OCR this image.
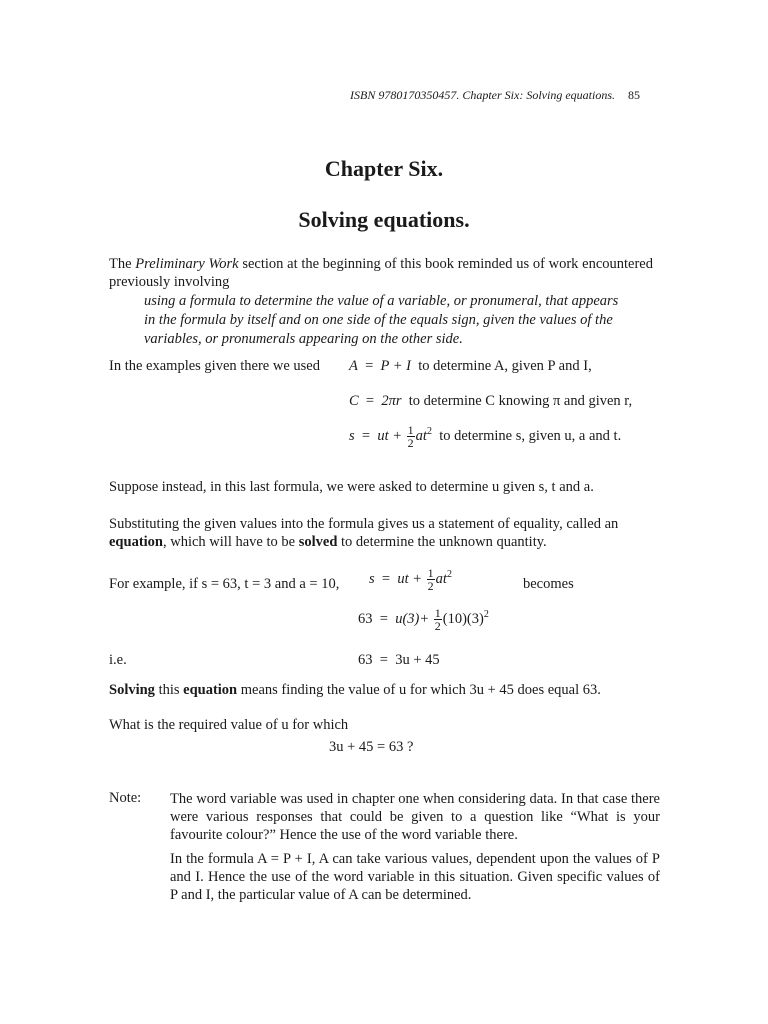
ISBN 9780170350457. Chapter Six: Solving equations. 85
Chapter Six.
Solving equations.
The Preliminary Work section at the beginning of this book reminded us of work encountered previously involving
using a formula to determine the value of a variable, or pronumeral, that appears in the formula by itself and on one side of the equals sign, given the values of the variables, or pronumerals appearing on the other side.
In the examples given there we used A = P + I to determine A, given P and I,
C = 2πr to determine C knowing π and given r,
s = ut + $\frac{1}{2} at^2$ to determine s, given u, a and t.
Suppose instead, in this last formula, we were asked to determine u given s, t and a.
Substituting the given values into the formula gives us a statement of equality, called an equation, which will have to be solved to determine the unknown quantity.
For example, if s = 63, t = 3 and a = 10, s = ut + $\frac{1}{2} at^2$
becomes
$63 = u(3)+ \frac{1}{2} (10)(3)^2$
i.e.	63 = 3u + 45
Solving this equation means finding the value of u for which 3u + 45 does equal 63.
What is the required value of u for which
3u + 45 = 63 ?
Note: The word variable was used in chapter one when considering data. In that case there were various responses that could be given to a question like “What is your favourite colour?” Hence the use of the word variable there.
In the formula A = P + I, A can take various values, dependent upon the values of P and I. Hence the use of the word variable in this situation. Given specific values of P and I, the particular value of A can be determined.
